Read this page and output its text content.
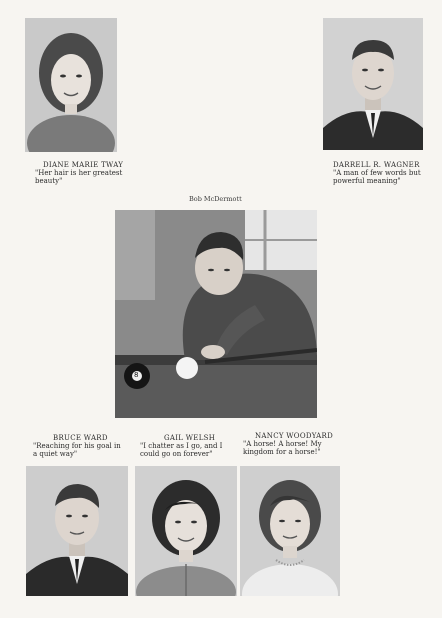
DIANE MARIE TWAY
"Her hair is her greatest beauty"
DARRELL R. WAGNER
"A man of few words but powerful meaning"
Bob McDermott
8
BRUCE WARD
"Reaching for his goal in a quiet way"
GAIL WELSH
"I chatter as I go, and I could go on forever"
NANCY WOODYARD
"A horse! A horse! My kingdom for a horse!"
